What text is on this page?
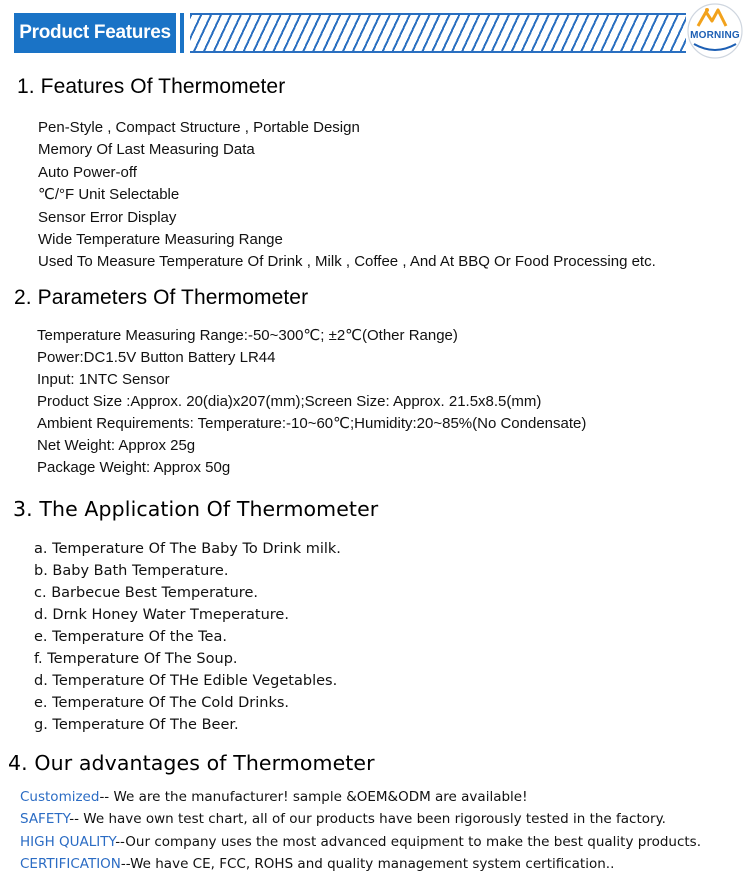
Product Features	MORNING
1. Features Of Thermometer
Pen-Style , Compact Structure , Portable Design
Memory Of Last Measuring Data
Auto Power-off
℃/°F Unit Selectable
Sensor Error Display
Wide Temperature Measuring Range
Used To Measure Temperature Of Drink , Milk , Coffee , And At BBQ Or Food Processing etc.
2. Parameters Of Thermometer
Temperature Measuring Range:-50~300℃; ±2℃(Other Range)
Power:DC1.5V Button Battery LR44
Input: 1NTC Sensor
Product Size :Approx. 20(dia)x207(mm);Screen Size: Approx. 21.5x8.5(mm)
Ambient Requirements: Temperature:-10~60℃;Humidity:20~85%(No Condensate)
Net Weight: Approx 25g
Package Weight: Approx 50g
3. The Application Of Thermometer
a. Temperature Of The Baby To Drink milk.
b. Baby Bath Temperature.
c. Barbecue Best Temperature.
d. Drnk Honey Water Tmeperature.
e. Temperature Of the Tea.
f. Temperature Of The Soup.
d. Temperature Of THe Edible Vegetables.
e. Temperature Of The Cold Drinks.
g. Temperature Of The Beer.
4. Our advantages of Thermometer
Customized-- We are the manufacturer! sample &OEM&ODM are available!
SAFETY-- We have own test chart, all of our products have been rigorously tested in the factory.
HIGH QUALITY--Our company uses the most advanced equipment to make the best quality products.
CERTIFICATION--We have CE, FCC, ROHS and quality management system certification..
